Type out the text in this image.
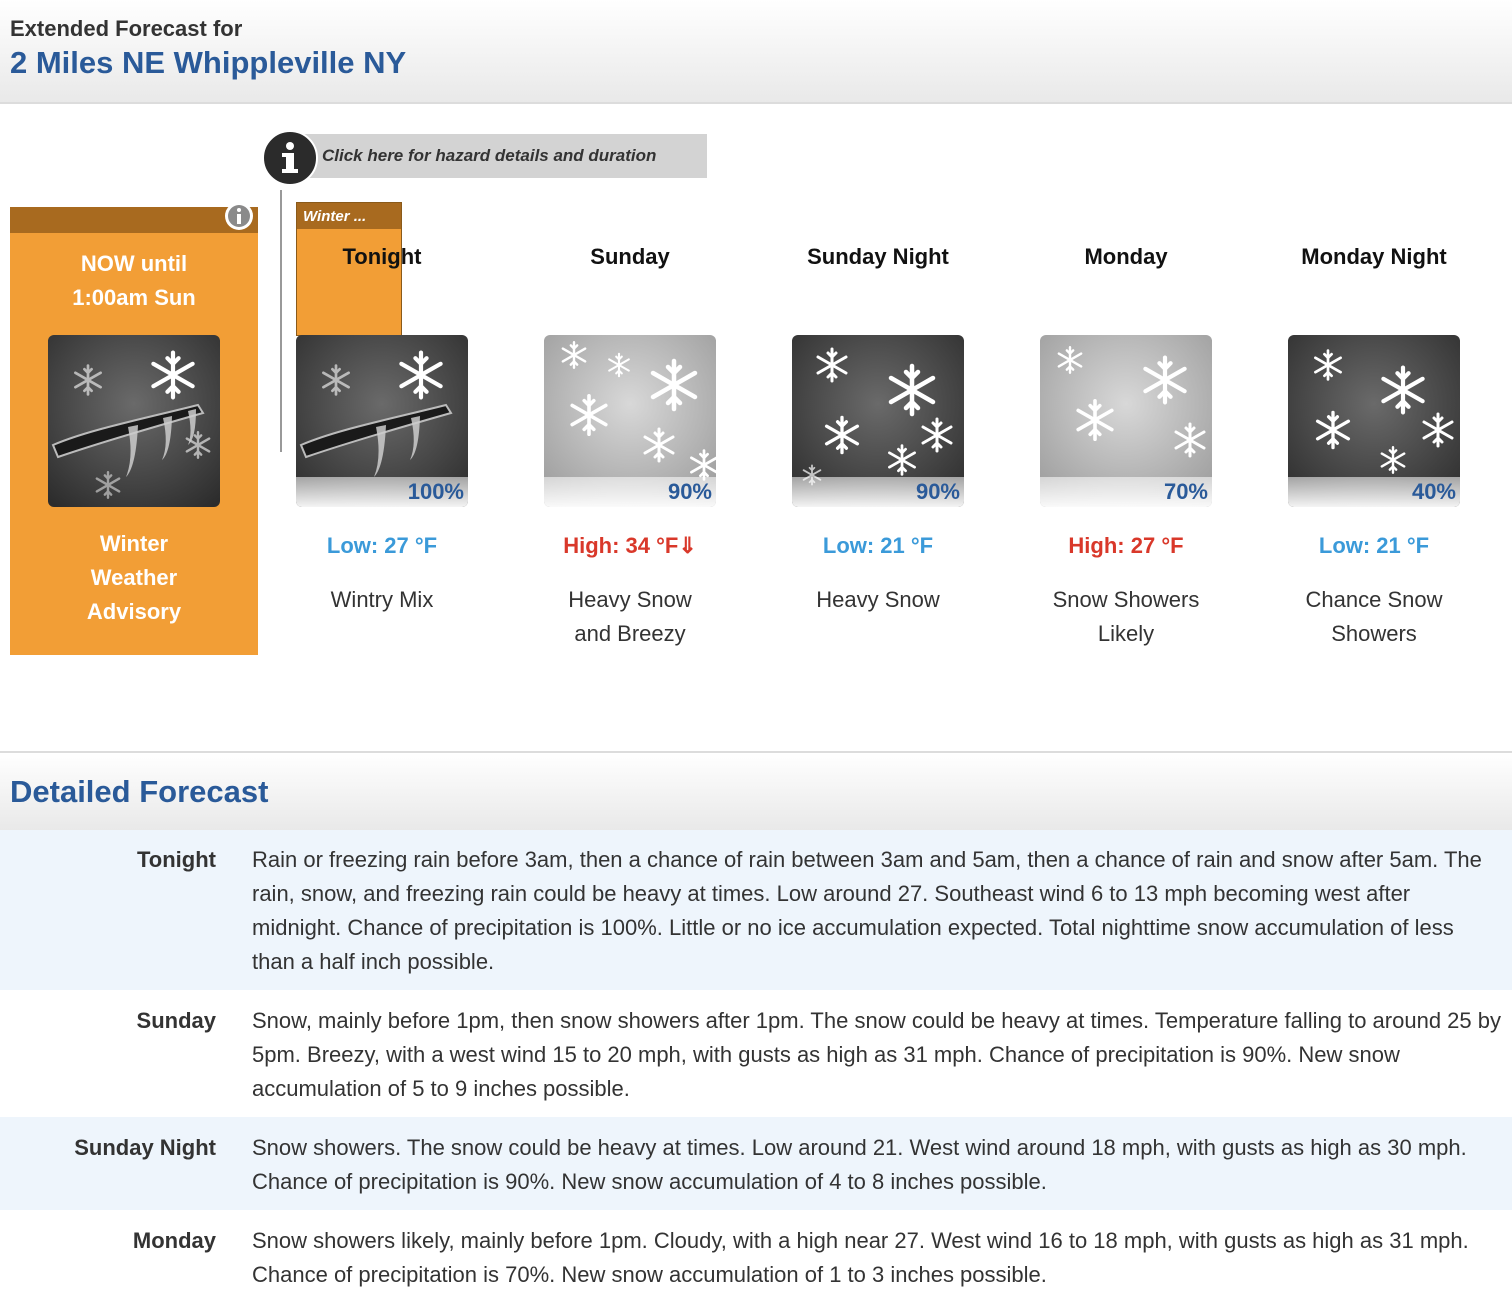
Extended Forecast for
2 Miles NE Whippleville NY
Click here for hazard details and duration
NOW until
1:00am Sun
Winter
Weather
Advisory
Winter ...
Tonight
100%
Low: 27 °F
Wintry Mix
Sunday
90%
High: 34 °F⇓
Heavy Snow
and Breezy
Sunday Night
90%
Low: 21 °F
Heavy Snow
Monday
70%
High: 27 °F
Snow Showers
Likely
Monday Night
40%
Low: 21 °F
Chance Snow
Showers
Detailed Forecast
Tonight Rain or freezing rain before 3am, then a chance of rain between 3am and 5am, then a chance of rain and snow after 5am. The rain, snow, and freezing rain could be heavy at times. Low around 27. Southeast wind 6 to 13 mph becoming west after midnight. Chance of precipitation is 100%. Little or no ice accumulation expected. Total nighttime snow accumulation of less than a half inch possible.
Sunday Snow, mainly before 1pm, then snow showers after 1pm. The snow could be heavy at times. Temperature falling to around 25 by 5pm. Breezy, with a west wind 15 to 20 mph, with gusts as high as 31 mph. Chance of precipitation is 90%. New snow accumulation of 5 to 9 inches possible.
Sunday Night Snow showers. The snow could be heavy at times. Low around 21. West wind around 18 mph, with gusts as high as 30 mph. Chance of precipitation is 90%. New snow accumulation of 4 to 8 inches possible.
Monday Snow showers likely, mainly before 1pm. Cloudy, with a high near 27. West wind 16 to 18 mph, with gusts as high as 31 mph. Chance of precipitation is 70%. New snow accumulation of 1 to 3 inches possible.
